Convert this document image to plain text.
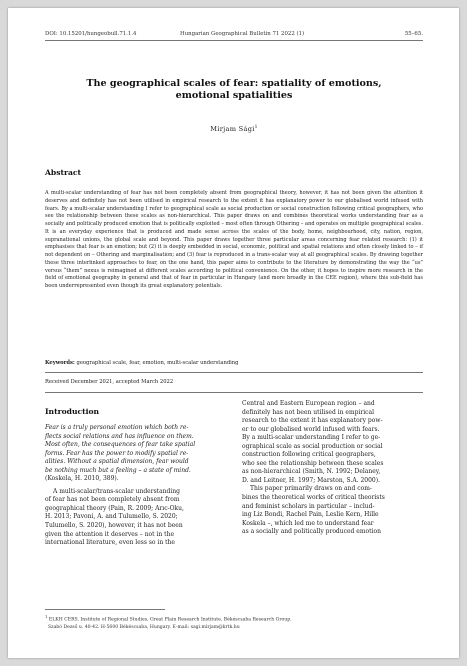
DOI: 10.15201/hungeobull.71.1.4	Hungarian Geographical Bulletin 71 2022 (1)	55–65.
The geographical scales of fear: spatiality of emotions,
emotional spatialities
Mirjam Sági$^1$
Abstract
A multi-scalar understanding of fear has not been completely absent from geographical theory, however, it has not been given the attention it deserves and definitely has not been utilised in empirical research to the extent it has explanatory power to our globalised world infused with fears. By a multi-scalar understanding I refer to geographical scale as social production or social construction following critical geographers, who see the relationship between these scales as non-hierarchical. This paper draws on and combines theoretical works understanding fear as a socially and politically produced emotion that is politically exploited – most often through Othering – and operates on multiple geographical scales. It is an everyday experience that is produced and made sense across the scales of the body, home, neighbourhood, city, nation, region, supranational unions, the global scale and beyond. This paper draws together three particular areas concerning fear related research: (1) it emphasises that fear is an emotion; but (2) it is deeply embedded in social, economic, political and spatial relations and often closely linked to – if not dependent on – Othering and marginalisation; and (3) fear is reproduced in a trans-scalar way at all geographical scales. By drawing together these three interlinked approaches to fear, on the one hand, this paper aims to contribute to the literature by demonstrating the way the “us” versus “them” nexus is reimagined at different scales according to political convenience. On the other, it hopes to inspire more research in the field of emotional geography in general and that of fear in particular in Hungary (and more broadly in the CEE region), where this sub-field has been underrepresented even though its great explanatory potentials.
Keywords: geographical scale, fear, emotion, multi-scalar understanding
Received December 2021, accepted March 2022
Introduction
Fear is a truly personal emotion which both re-
flects social relations and has influence on them.
Most often, the consequences of fear take spatial
forms. Fear has the power to modify spatial re-
alities. Without a spatial dimension, fear would
be nothing much but a feeling – a state of mind.
(Koskela, H. 2010, 389).
A multi-scalar/trans-scalar understanding
of fear has not been completely absent from
geographical theory (Pain, R. 2009; Arıc-Oku,
H. 2013; Pavoni, A. and Tulumello, S. 2020;
Tulumello, S. 2020), however, it has not been
given the attention it deserves – not in the
international literature, even less so in the
Central and Eastern European region – and
definitely has not been utilised in empirical
research to the extent it has explanatory pow-
er to our globalised world infused with fears.
By a multi-scalar understanding I refer to ge-
ographical scale as social production or social
construction following critical geographers,
who see the relationship between these scales
as non-hierarchical (Smith, N. 1992; Delaney,
D. and Leitner, H. 1997; Marston, S.A. 2000).
This paper primarily draws on and com-
bines the theoretical works of critical theorists
and feminist scholars in particular – includ-
ing Liz Bondi, Rachel Pain, Leslie Kern, Hille
Koskela –, which led me to understand fear
as a socially and politically produced emotion
$^1$ ELKH CERS, Institute of Regional Studies, Great Plain Research Institute, Békéscsaba Research Group.
Szabó Dezső u. 40-42. H-5600 Békéscsaba, Hungary. E-mail: sagi.mirjam@krtk.hu
